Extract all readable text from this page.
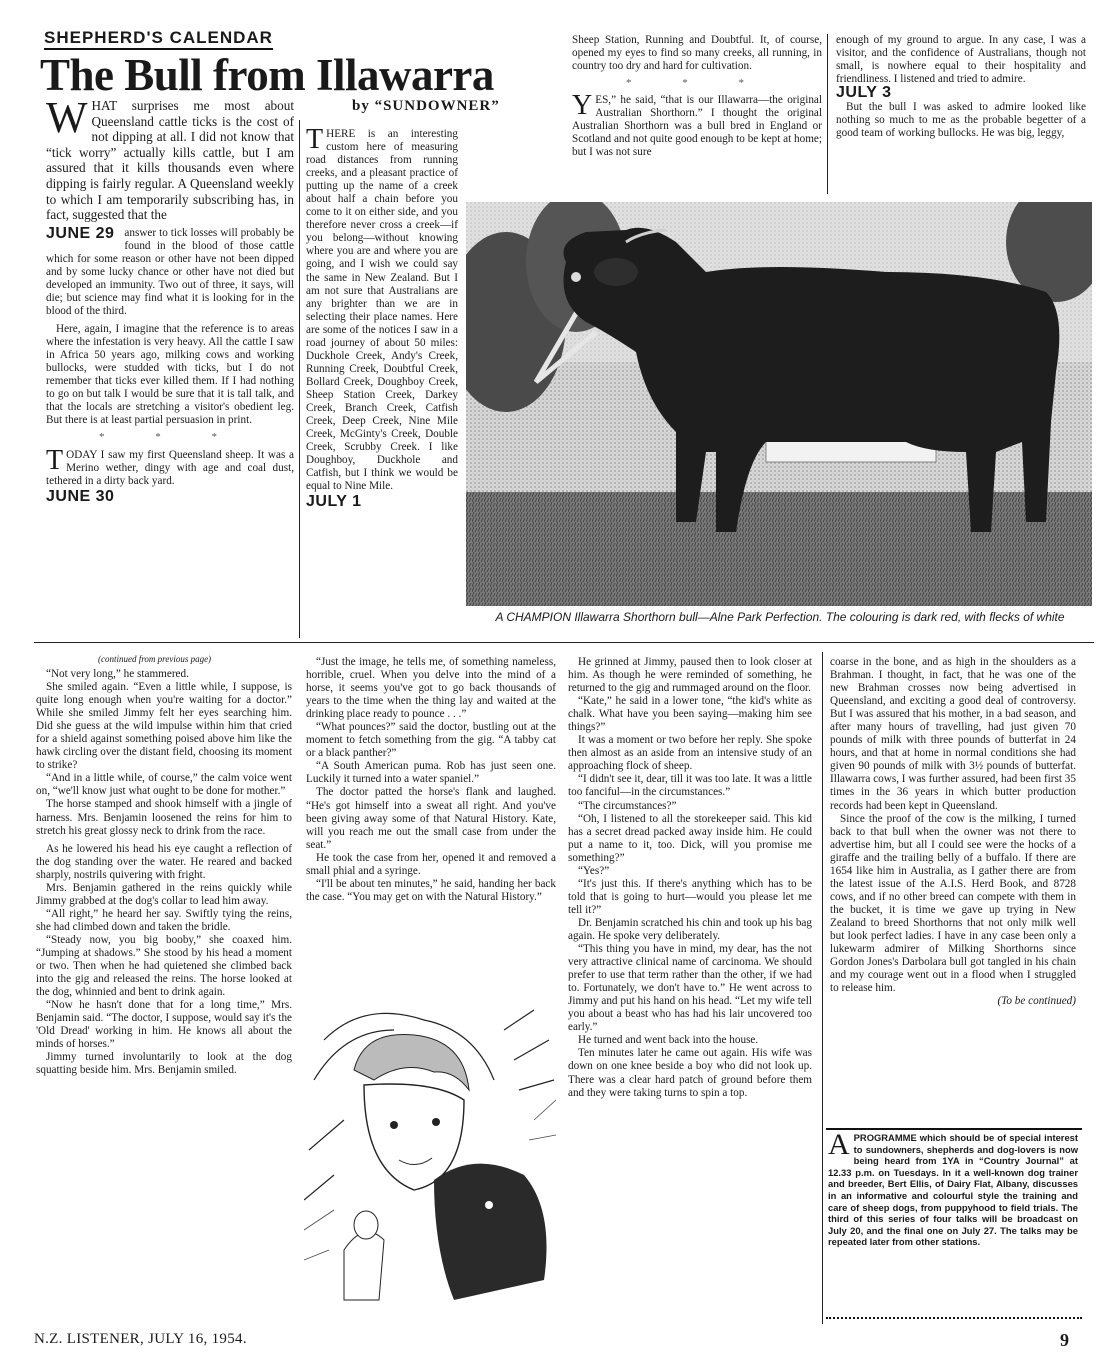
SHEPHERD'S CALENDAR
The Bull from Illawarra
by “SUNDOWNER”
W HAT surprises me most about Queensland cattle ticks is the cost of not dipping at all. I did not know that “tick worry” actually kills cattle, but I am assured that it kills thousands even where dipping is fairly regular. A Queensland weekly to which I am temporarily subscribing has, in fact, suggested that the

JUNE 29 answer to tick losses will probably be found in the blood of those cattle which for some reason or other have not been dipped and by some lucky chance or other have not died but developed an immunity. Two out of three, it says, will die; but science may find what it is looking for in the blood of the third.

Here, again, I imagine that the reference is to areas where the infestation is very heavy. All the cattle I saw in Africa 50 years ago, milking cows and working bullocks, were studded with ticks, but I do not remember that ticks ever killed them. If I had nothing to go on but talk I would be sure that it is tall talk, and that the locals are stretching a visitor's obedient leg. But there is at least partial persuasion in print.

* * *
T ODAY I saw my first Queensland sheep. It was a Merino wether, dingy with age and coal dust, tethered in a dirty back yard.

JUNE 30
T HERE is an interesting custom here of measuring road distances from running creeks, and a pleasant practice of putting up the name of a creek about half a chain before you come to it on either side, and you therefore never cross a creek—if you belong—without knowing where you are and where you are going, and I wish we could say the same in New Zealand. But I am not sure that Australians are any brighter than we are in selecting their place names. Here are some of the notices I saw in a road journey of about 50 miles: Duckhole Creek, Andy's Creek, Running Creek, Doubtful Creek, Bollard Creek, Doughboy Creek, Sheep Station Creek, Darkey Creek, Branch Creek, Catfish Creek, Deep Creek, Nine Mile Creek, McGinty's Creek, Double Creek, Scrubby Creek. I like Doughboy, Duckhole and Catfish, but I think we would be equal to Nine Mile.

JULY 1

Sheep Station, Running and Doubtful. It, of course, opened my eyes to find so many creeks, all running, in country too dry and hard for cultivation.

* * *
Y ES,” he said, “that is our Illawarra—the original Australian Shorthorn.” I thought the original Australian Shorthorn was a bull bred in England or Scotland and not quite good enough to be kept at home; but I was not sure

enough of my ground to argue. In any case, I was a visitor, and the confidence of Australians, though not small, is nowhere equal to their hospitality and friendliness. I listened and tried to admire.

JULY 3

But the bull I was asked to admire looked like nothing so much to me as the probable begetter of a good team of working bullocks. He was big, leggy,

A CHAMPION Illawarra Shorthorn bull—Alne Park Perfection. The colouring is dark red, with flecks of white
(continued from previous page)

“Not very long,” he stammered.

She smiled again. “Even a little while, I suppose, is quite long enough when you're waiting for a doctor.” While she smiled Jimmy felt her eyes searching him. Did she guess at the wild impulse within him that cried for a shield against something poised above him like the hawk circling over the distant field, choosing its moment to strike?

“And in a little while, of course,” the calm voice went on, “we'll know just what ought to be done for mother.”

The horse stamped and shook himself with a jingle of harness. Mrs. Benjamin loosened the reins for him to stretch his great glossy neck to drink from the race.

As he lowered his head his eye caught a reflection of the dog standing over the water. He reared and backed sharply, nostrils quivering with fright.

Mrs. Benjamin gathered in the reins quickly while Jimmy grabbed at the dog's collar to lead him away.

“All right,” he heard her say. Swiftly tying the reins, she had climbed down and taken the bridle.

“Steady now, you big booby,” she coaxed him. “Jumping at shadows.” She stood by his head a moment or two. Then when he had quietened she climbed back into the gig and released the reins. The horse looked at the dog, whinnied and bent to drink again.

“Now he hasn't done that for a long time,” Mrs. Benjamin said. “The doctor, I suppose, would say it's the 'Old Dread' working in him. He knows all about the minds of horses.”

Jimmy turned involuntarily to look at the dog squatting beside him. Mrs. Benjamin smiled.

“Just the image, he tells me, of something nameless, horrible, cruel. When you delve into the mind of a horse, it seems you've got to go back thousands of years to the time when the thing lay and waited at the drinking place ready to pounce . . .”

“What pounces?” said the doctor, bustling out at the moment to fetch something from the gig. “A tabby cat or a black panther?”

“A South American puma. Rob has just seen one. Luckily it turned into a water spaniel.”

The doctor patted the horse's flank and laughed. “He's got himself into a sweat all right. And you've been giving away some of that Natural History. Kate, will you reach me out the small case from under the seat.”

He took the case from her, opened it and removed a small phial and a syringe.

“I'll be about ten minutes,” he said, handing her back the case. “You may get on with the Natural History.”

He grinned at Jimmy, paused then to look closer at him. As though he were reminded of something, he returned to the gig and rummaged around on the floor.

“Kate,” he said in a lower tone, “the kid's white as chalk. What have you been saying—making him see things?”

It was a moment or two before her reply. She spoke then almost as an aside from an intensive study of an approaching flock of sheep.

“I didn't see it, dear, till it was too late. It was a little too fanciful—in the circumstances.”

“The circumstances?”

“Oh, I listened to all the storekeeper said. This kid has a secret dread packed away inside him. He could put a name to it, too. Dick, will you promise me something?”

“Yes?”

“It's just this. If there's anything which has to be told that is going to hurt—would you please let me tell it?”

Dr. Benjamin scratched his chin and took up his bag again. He spoke very deliberately.

“This thing you have in mind, my dear, has the not very attractive clinical name of carcinoma. We should prefer to use that term rather than the other, if we had to. Fortunately, we don't have to.” He went across to Jimmy and put his hand on his head. “Let my wife tell you about a beast who has had his lair uncovered too early.”

He turned and went back into the house.

Ten minutes later he came out again. His wife was down on one knee beside a boy who did not look up. There was a clear hard patch of ground before them and they were taking turns to spin a top.

coarse in the bone, and as high in the shoulders as a Brahman. I thought, in fact, that he was one of the new Brahman crosses now being advertised in Queensland, and exciting a good deal of controversy. But I was assured that his mother, in a bad season, and after many hours of travelling, had just given 70 pounds of milk with three pounds of butterfat in 24 hours, and that at home in normal conditions she had given 90 pounds of milk with 3½ pounds of butterfat. Illawarra cows, I was further assured, had been first 35 times in the 36 years in which butter production records had been kept in Queensland.

Since the proof of the cow is the milking, I turned back to that bull when the owner was not there to advertise him, but all I could see were the hocks of a giraffe and the trailing belly of a buffalo. If there are 1654 like him in Australia, as I gather there are from the latest issue of the A.I.S. Herd Book, and 8728 cows, and if no other breed can compete with them in the bucket, it is time we gave up trying in New Zealand to breed Shorthorns that not only milk well but look perfect ladies. I have in any case been only a lukewarm admirer of Milking Shorthorns since Gordon Jones's Darbolara bull got tangled in his chain and my courage went out in a flood when I struggled to release him.

(To be continued)
A PROGRAMME which should be of special interest to sundowners, shepherds and dog-lovers is now being heard from 1YA in “Country Journal” at 12.33 p.m. on Tuesdays. In it a well-known dog trainer and breeder, Bert Ellis, of Dairy Flat, Albany, discusses in an informative and colourful style the training and care of sheep dogs, from puppyhood to field trials. The third of this series of four talks will be broadcast on July 20, and the final one on July 27. The talks may be repeated later from other stations.
N.Z. LISTENER, JULY 16, 1954.	9
